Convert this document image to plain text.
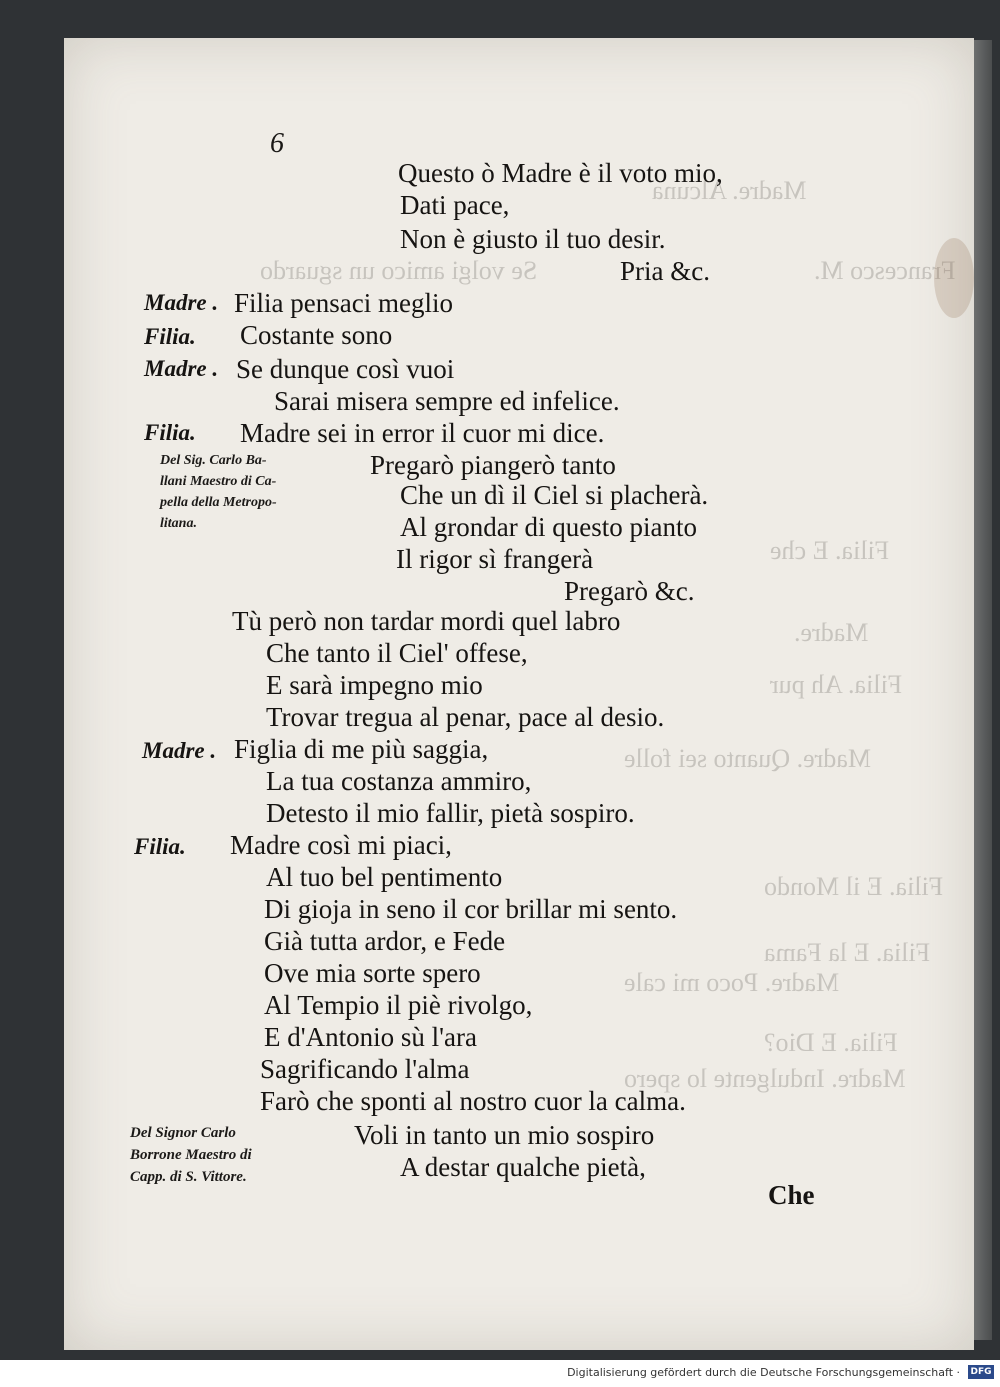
Madre. Alcuna
Se volgi amico un sguardo	Francesco M.
Filia. E che
Madre.
Filia. Ah pur
Madre. Quanto sei folle
Filia. E il Mondo
Filia. E la Fama
Madre. Poco mi cale
Filia. E Dio?
Madre. Indulgente lo spero
6
Questo ò Madre è il voto mio,
Dati pace,
Non è giusto il tuo desir.
Pria &c.
Madre . Filia pensaci meglio
Filia. Costante sono
Madre . Se dunque così vuoi
Sarai misera sempre ed infelice.
Filia. Madre sei in error il cuor mi dice.
Del Sig. Carlo Ba-
llani Maestro di Ca-
pella della Metropo-
litana.
Pregarò piangerò tanto
Che un dì il Ciel si placherà.
Al grondar di questo pianto
Il rigor sì frangerà
Pregarò &c.
Tù però non tardar mordi quel labro
Che tanto il Ciel' offese,
E sarà impegno mio
Trovar tregua al penar, pace al desio.
Madre . Figlia di me più saggia,
La tua costanza ammiro,
Detesto il mio fallir, pietà sospiro.
Filia. Madre così mi piaci,
Al tuo bel pentimento
Di gioja in seno il cor brillar mi sento.
Già tutta ardor, e Fede
Ove mia sorte spero
Al Tempio il piè rivolgo,
E d'Antonio sù l'ara
Sagrificando l'alma
Farò che sponti al nostro cuor la calma.
Del Signor Carlo
Borrone Maestro di
Capp. di S. Vittore.
Voli in tanto un mio sospiro
A destar qualche pietà,
Che
Digitalisierung gefördert durch die Deutsche Forschungsgemeinschaft · DFG
